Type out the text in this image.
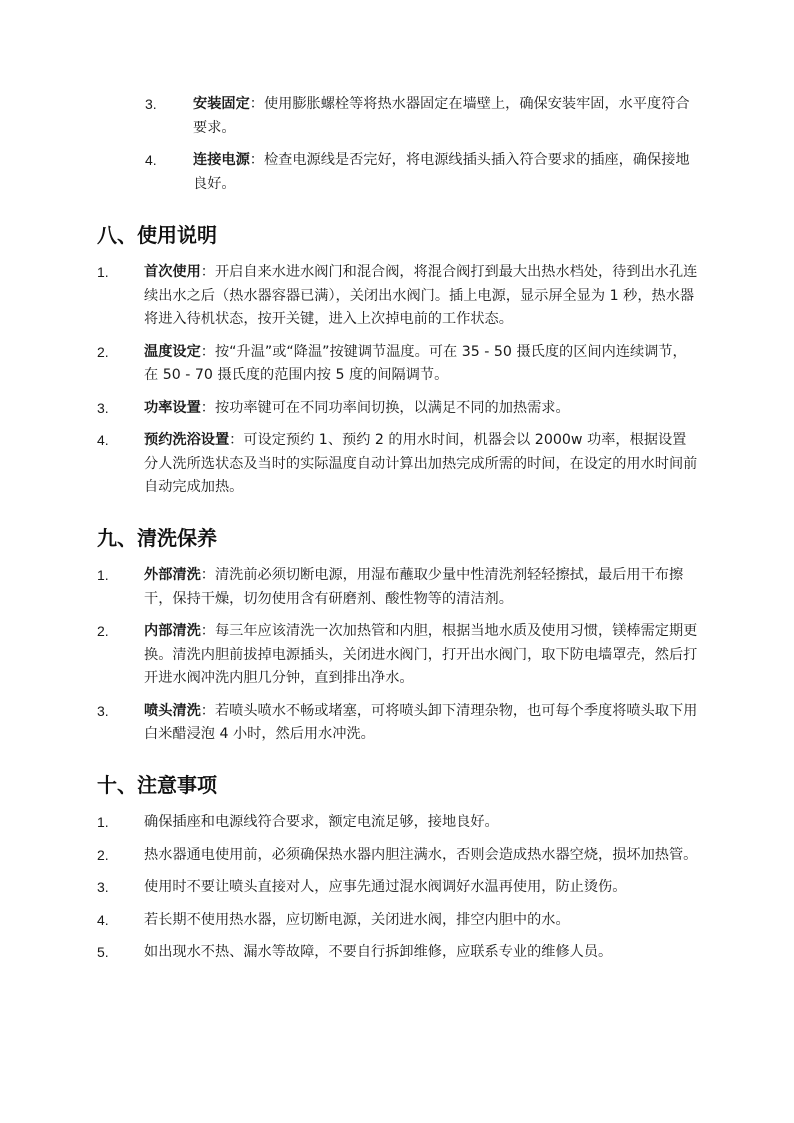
3.	安装固定：使用膨胀螺栓等将热水器固定在墙壁上，确保安装牢固，水平度符合要求。
4.	连接电源：检查电源线是否完好，将电源线插头插入符合要求的插座，确保接地良好。
八、使用说明
1. 首次使用：开启自来水进水阀门和混合阀，将混合阀打到最大出热水档处，待到出水孔连续出水之后（热水器容器已满），关闭出水阀门。插上电源，显示屏全显为 1 秒，热水器将进入待机状态，按开关键，进入上次掉电前的工作状态。
2. 温度设定：按“升温”或“降温”按键调节温度。可在 35 - 50 摄氏度的区间内连续调节，在 50 - 70 摄氏度的范围内按 5 度的间隔调节。
3. 功率设置：按功率键可在不同功率间切换，以满足不同的加热需求。
4. 预约洗浴设置：可设定预约 1、预约 2 的用水时间，机器会以 2000w 功率，根据设置分人洗所选状态及当时的实际温度自动计算出加热完成所需的时间，在设定的用水时间前自动完成加热。
九、清洗保养
1. 外部清洗：清洗前必须切断电源，用湿布蘸取少量中性清洗剂轻轻擦拭，最后用干布擦干，保持干燥，切勿使用含有研磨剂、酸性物等的清洁剂。
2. 内部清洗：每三年应该清洗一次加热管和内胆，根据当地水质及使用习惯，镁棒需定期更换。清洗内胆前拔掉电源插头，关闭进水阀门，打开出水阀门，取下防电墙罩壳，然后打开进水阀冲洗内胆几分钟，直到排出净水。
3. 喷头清洗：若喷头喷水不畅或堵塞，可将喷头卸下清理杂物，也可每个季度将喷头取下用白米醋浸泡 4 小时，然后用水冲洗。
十、注意事项
1. 确保插座和电源线符合要求，额定电流足够，接地良好。
2. 热水器通电使用前，必须确保热水器内胆注满水，否则会造成热水器空烧，损坏加热管。
3. 使用时不要让喷头直接对人，应事先通过混水阀调好水温再使用，防止烫伤。
4. 若长期不使用热水器，应切断电源，关闭进水阀，排空内胆中的水。
5. 如出现水不热、漏水等故障，不要自行拆卸维修，应联系专业的维修人员。
